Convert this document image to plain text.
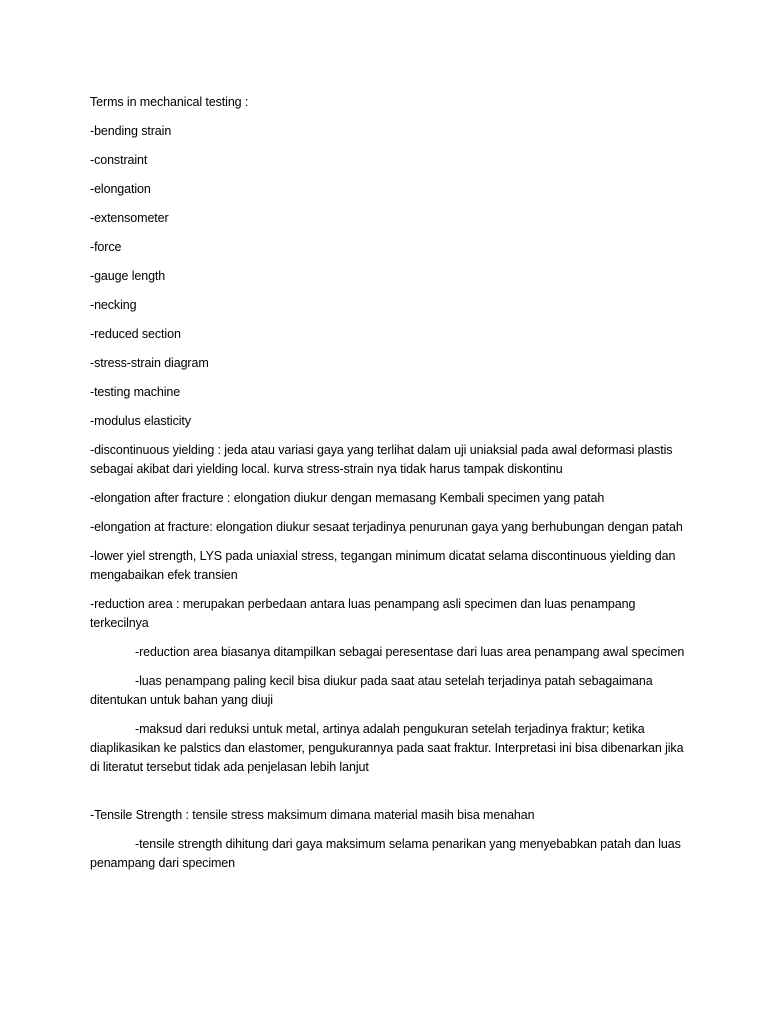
Terms in mechanical testing :

-bending strain

-constraint

-elongation

-extensometer

-force

-gauge length

-necking

-reduced section

-stress-strain diagram

-testing machine

-modulus elasticity

-discontinuous yielding : jeda atau variasi gaya yang terlihat dalam uji uniaksial pada awal deformasi plastis sebagai akibat dari yielding local. kurva stress-strain nya tidak harus tampak diskontinu

-elongation after fracture : elongation diukur dengan memasang Kembali specimen yang patah

-elongation at fracture: elongation diukur sesaat terjadinya penurunan gaya yang berhubungan dengan patah

-lower yiel strength, LYS pada uniaxial stress, tegangan minimum dicatat selama discontinuous yielding dan mengabaikan efek transien

-reduction area : merupakan perbedaan antara luas penampang asli specimen dan luas penampang terkecilnya

-reduction area biasanya ditampilkan sebagai peresentase dari luas area penampang awal specimen

-luas penampang paling kecil bisa diukur pada saat atau setelah terjadinya patah sebagaimana ditentukan untuk bahan yang diuji

-maksud dari reduksi untuk metal, artinya adalah pengukuran setelah terjadinya fraktur; ketika diaplikasikan ke palstics dan elastomer, pengukurannya pada saat fraktur. Interpretasi ini bisa dibenarkan jika di literatut tersebut tidak ada penjelasan lebih lanjut

-Tensile Strength : tensile stress maksimum dimana material masih bisa menahan

-tensile strength dihitung dari gaya maksimum selama penarikan yang menyebabkan patah dan luas penampang dari specimen
